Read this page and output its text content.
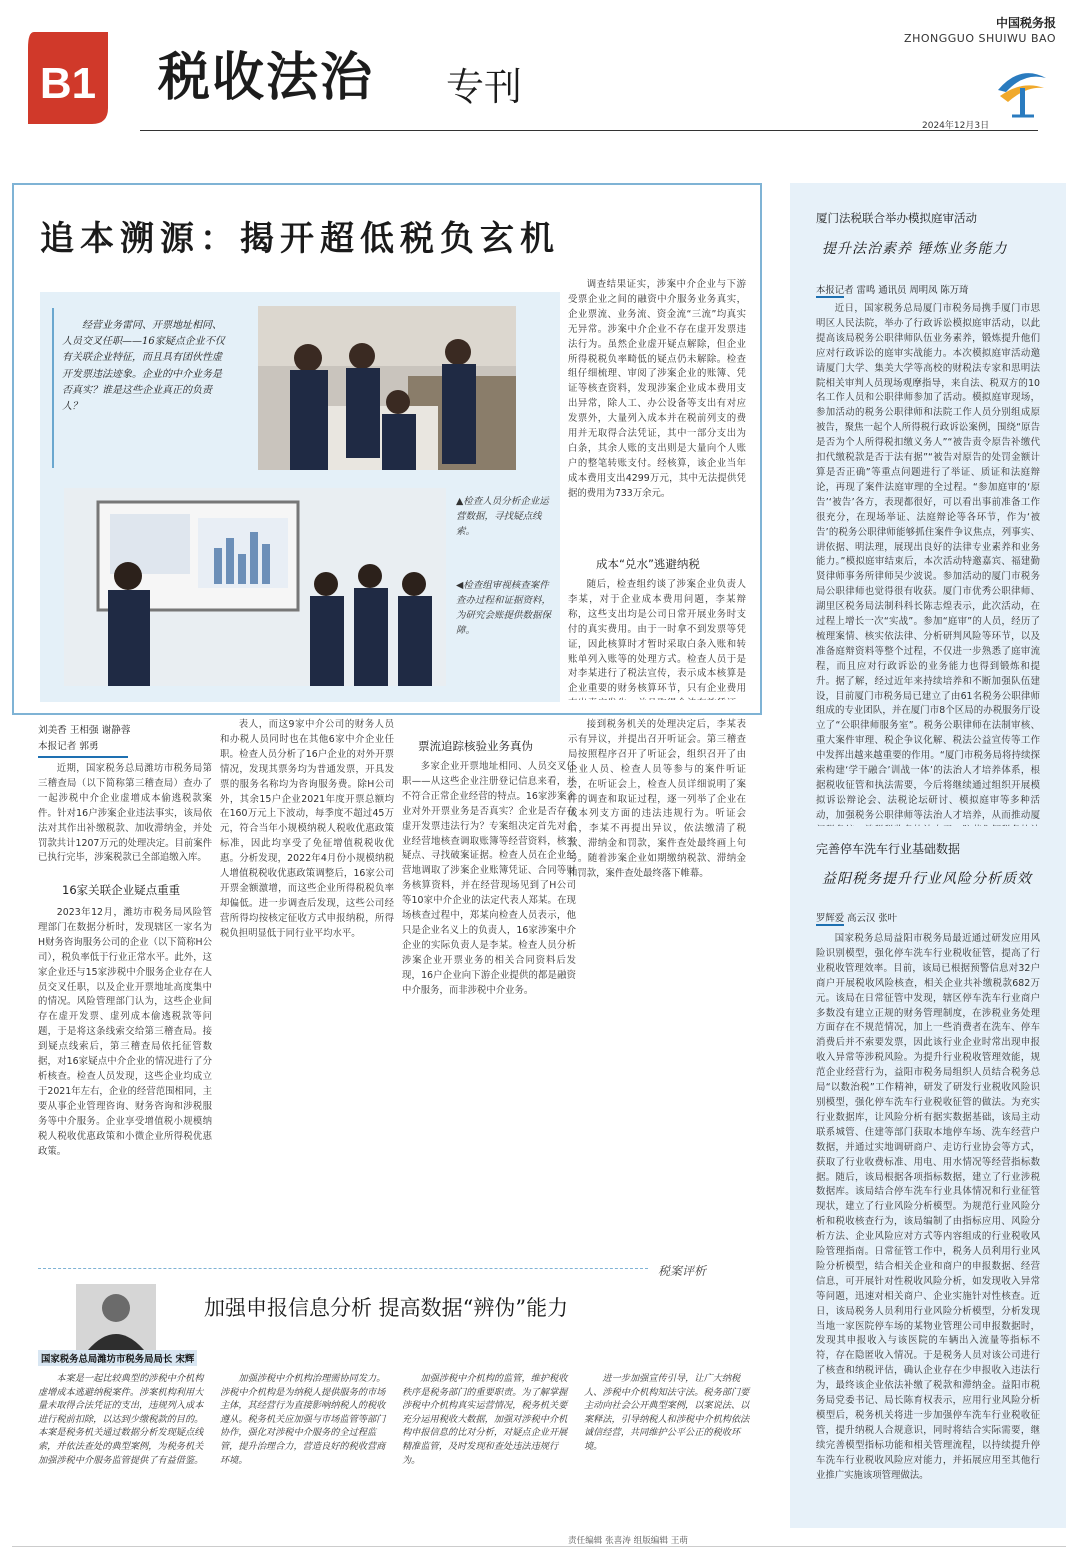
B1 税收法治 专刊
中国税务报
ZHONGGUO SHUIWU BAO
2024年12月3日
追本溯源：揭开超低税负玄机
经营业务雷同、开票地址相同、人员交叉任职——16家疑点企业不仅有关联企业特征，而且具有团伙性虚开发票违法迹象。企业的中介业务是否真实？谁是这些企业真正的负责人？
▲检查人员分析企业运营数据，寻找疑点线索。
◀检查组审视核查案件查办过程和证据资料，为研究会账提供数据保障。

调查结果证实，涉案中介企业与下游受票企业之间的融资中介服务业务真实，企业票流、业务流、资金流“三流”均真实无异常。涉案中介企业不存在虚开发票违法行为。虽然企业虚开疑点解除，但企业所得税税负率畸低的疑点仍未解除。检查组仔细梳理、审阅了涉案企业的账簿、凭证等核查资料，发现涉案企业成本费用支出异常，除人工、办公设备等支出有对应发票外，大量列入成本并在税前列支的费用并无取得合法凭证，其中一部分支出为白条，其余人账的支出则是大量向个人账户的整笔转账支付。经核算，该企业当年成本费用支出4299万元，其中无法提供凭据的费用为733万余元。

成本“兑水”逃避纳税

随后，检查组约谈了涉案企业负责人李某，对于企业成本费用问题，李某辩称，这些支出均是公司日常开展业务时支付的真实费用。由于一时拿不到发票等凭证，因此核算时才暂时采取白条入账和转账单列入账等的处理方式。检查人员于是对李某进行了税法宣传，表示成本核算是企业重要的财务核算环节，只有企业费用

刘美香 王相强 谢静蓉
本报记者 郭勇

近期，国家税务总局潍坊市税务局第三稽查局（以下简称第三稽查局）查办了一起涉税中介企业虚增成本偷逃税款案件。针对16户涉案企业违法事实，该局依法对其作出补缴税款、加收滞纳金，并处罚款共计1207万元的处理决定。目前案件已执行完毕，涉案税款已全部追缴入库。

16家关联企业疑点重重

2023年12月，潍坊市税务局风险管理部门在数据分析时，发现辖区一家名为H财务咨询服务公司的企业（以下简称H公司），税负率低于行业正常水平。此外，这家企业还与15家涉税中介服务企业存在人员交叉任职，以及企业开票地址高度集中的情况。风险管理部门认为，这些企业间存在虚开发票、虚列成本偷逃税款等问题，于是将这条线索交给第三稽查局。接到疑点线索后，第三稽查局依托征管数据，对16家疑点中介企业的情况进行了分析核查。检查人员发现，这些企业均成立于2021年左右，企业的经营范围相同，主要从事企业管理咨询、财务咨询和涉税服务等中介服务。企业享受增值税小规模纳税人税收优惠政策和小微企业所得税优惠政策。

表人，而这9家中介公司的财务人员和办税人员同时也在其他6家中介企业任职。检查人员分析了16户企业的对外开票情况，发现其票务均为普通发票，开具发票的服务名称均为咨询服务费。除H公司外，其余15户企业2021年度开票总额均在160万元上下波动，每季度不超过45万元，符合当年小规模纳税人税收优惠政策标准，因此均享受了免征增值税税收优惠。分析发现，2022年4月份小规模纳税人增值税税收优惠政策调整后，16家公司开票金额激增，而这些企业所得税税负率却偏低。进一步调查后发现，这些公司经营所得均按核定征收方式申报纳税，所得税负担明显低于同行业平均水平。

票流追踪核验业务真伪

多家企业开票地址相同、人员交叉任职——从这些企业注册登记信息来看，并不符合正常企业经营的特点。16家涉案企业对外开票业务是否真实？企业是否存在虚开发票违法行为？专案组决定首先对企业经营地核查调取账簿等经营资料，核实疑点、寻找破案证据。检查人员在企业经营地调取了涉案企业账簿凭证、合同等财务核算资料，并在经营现场见到了H公司等10家中介企业的法定代表人郑某。在现场核查过程中，郑某向检查人员表示，他只是企业名义上的负责人，16家涉案中介企业的实际负责人是李某。检查人员分析涉案企业开票业务的相关合同资料后发现，16户企业向下游企业提供的都是融资中介服务，而非涉税中介业务。

接到税务机关的处理决定后，李某表示有异议，并提出召开听证会。第三稽查局按照程序召开了听证会，组织召开了由企业人员、检查人员等参与的案件听证会，在听证会上，检查人员详细说明了案件的调查和取证过程，逐一列举了企业在成本列支方面的违法违规行为。听证会后，李某不再提出异议，依法缴清了税款、滞纳金和罚款，案件查处最终画上句号。随着涉案企业如期缴纳税款、滞纳金和罚款，案件查处最终落下帷幕。

税案评析
加强申报信息分析 提高数据“辨伪”能力
国家税务总局潍坊市税务局局长 宋辉

本案是一起比较典型的涉税中介机构虚增成本逃避纳税案件。涉案机构利用大量未取得合法凭证的支出，违规列入成本进行税前扣除，以达到少缴税款的目的。本案是税务机关通过数据分析发现疑点线索，并依法查处的典型案例，为税务机关加强涉税中介服务监管提供了有益借鉴。

加强涉税中介机构治理需协同发力。涉税中介机构是为纳税人提供服务的市场主体，其经营行为直接影响纳税人的税收遵从。税务机关应加强与市场监管等部门协作，强化对涉税中介服务的全过程监管，提升治理合力，营造良好的税收营商环境。

加强涉税中介机构的监管，维护税收秩序是税务部门的重要职责。为了解掌握涉税中介机构真实运营情况，税务机关要充分运用税收大数据，加强对涉税中介机构申报信息的比对分析，对疑点企业开展精准监管，及时发现和查处违法违规行为。

进一步加强宣传引导，让广大纳税人、涉税中介机构知法守法。税务部门要主动向社会公开典型案例，以案说法、以案释法，引导纳税人和涉税中介机构依法诚信经营，共同维护公平公正的税收环境。

责任编辑 张喜涛 组版编辑 王萌
厦门法税联合举办模拟庭审活动
提升法治素养 锤炼业务能力
本报记者 雷鸣 通讯员 周明凤 陈万琦

近日，国家税务总局厦门市税务局携手厦门市思明区人民法院，举办了行政诉讼模拟庭审活动，以此提高该局税务公职律师队伍业务素养，锻炼提升他们应对行政诉讼的庭审实战能力。本次模拟庭审活动邀请厦门大学、集美大学等高校的财税法专家和思明法院相关审判人员现场观摩指导，来自法、税双方的10名工作人员和公职律师参加了活动。模拟庭审现场，参加活动的税务公职律师和法院工作人员分别组成原被告，聚焦一起个人所得税行政诉讼案例，围绕“原告是否为个人所得税扣缴义务人”“被告责令原告补缴代扣代缴税款是否于法有据”“被告对原告的处罚金额计算是否正确”等重点问题进行了举证、质证和法庭辩论，再现了案件法庭审理的全过程。“参加庭审的‘原告’‘被告’各方，表现都很好，可以看出事前准备工作很充分，在现场举证、法庭辩论等各环节，作为‘被告’的税务公职律师能够抓住案件争议焦点，列事实、讲依据、明法理，展现出良好的法律专业素养和业务能力。”模拟庭审结束后，本次活动特邀嘉宾、福建勤贤律师事务所律师吴少波说。参加活动的厦门市税务局公职律师也觉得很有收获。厦门市优秀公职律师、湖里区税务局法制科科长陈志煌表示，此次活动，在过程上增长一次“实战”。参加“庭审”的人员，经历了梳理案情、核实依法律、分析研判风险等环节，以及准备庭辩资料等整个过程，不仅进一步熟悉了庭审流程，而且应对行政诉讼的业务能力也得到锻炼和提升。据了解，经过近年来持续培养和不断加强队伍建设，目前厦门市税务局已建立了由61名税务公职律师组成的专业团队，并在厦门市8个区局的办税服务厅设立了“公职律师服务室”。税务公职律师在法制审核、重大案件审理、税企争议化解、税法公益宣传等工作中发挥出越来越重要的作用。“厦门市税务局将持续探索构建‘学干融合’训战一体’的法治人才培养体系，根据税收征管和执法需要，今后将继续通过组织开展模拟诉讼辩论会、法税论坛研讨、模拟庭审等多种活动，加强税务公职律师等法治人才培养，从而推动厦

完善停车洗车行业基础数据
益阳税务提升行业风险分析质效
罗辉爱 高云汉 张叶

国家税务总局益阳市税务局最近通过研发应用风险识别模型，强化停车洗车行业税收征管，提高了行业税收管理效率。目前，该局已根据预警信息对32户商户开展税收风险核查，相关企业共补缴税款682万元。该局在日常征管中发现，辖区停车洗车行业商户多数没有建立正规的财务管理制度，在涉税业务处理方面存在不规范情况，加上一些消费者在洗车、停车消费后并不索要发票，因此该行业企业时常出现申报收入异常等涉税风险。为提升行业税收管理效能，规范企业经营行为，益阳市税务局组织人员结合税务总局“以数治税”工作精神，研发了研发行业税收风险识别模型，强化停车洗车行业税收征管的做法。为充实行业数据库，让风险分析有据实数据基础，该局主动联系城管、住建等部门获取本地停车场、洗车经营户数据，并通过实地调研商户、走访行业协会等方式，获取了行业收费标准、用电、用水情况等经营指标数据。随后，该局根据各项指标数据，建立了行业涉税数据库。该局结合停车洗车行业具体情况和行业征管现状，建立了行业风险分析模型。为规范行业风险分析和税收核查行为，该局编制了由指标应用、风险分析方法、企业风险应对方式等内容组成的行业税收风险管理指南。日常征管工作中，税务人员利用行业风险分析模型，结合相关企业和商户的申报数据、经营信息，可开展针对性税收风险分析，如发现收入异常等问题，迅速对相关商户、企业实施针对性核查。近日，该局税务人员利用行业风险分析模型，分析发现当地一家医院停车场的某物业管理公司申报数据时，发现其申报收入与该医院的车辆出入流量等指标不符，存在隐匿收入情况。于是税务人员对该公司进行了核查和纳税评估，确认企业存在少申报收入违法行为，最终该企业依法补缴了税款和滞纳金。益阳市税务局党委书记、局长陈育权表示，应用行业风险分析模型后，税务机关将进一步加强停车洗车行业税收征管，提升纳税人合规意识，同时将结合实际需要，继续完善模型指标功能和相关管理流程，以持续提升停车洗车行业税收风险应对能力，并拓展应用至其他行业推广实施该项管理做法。
